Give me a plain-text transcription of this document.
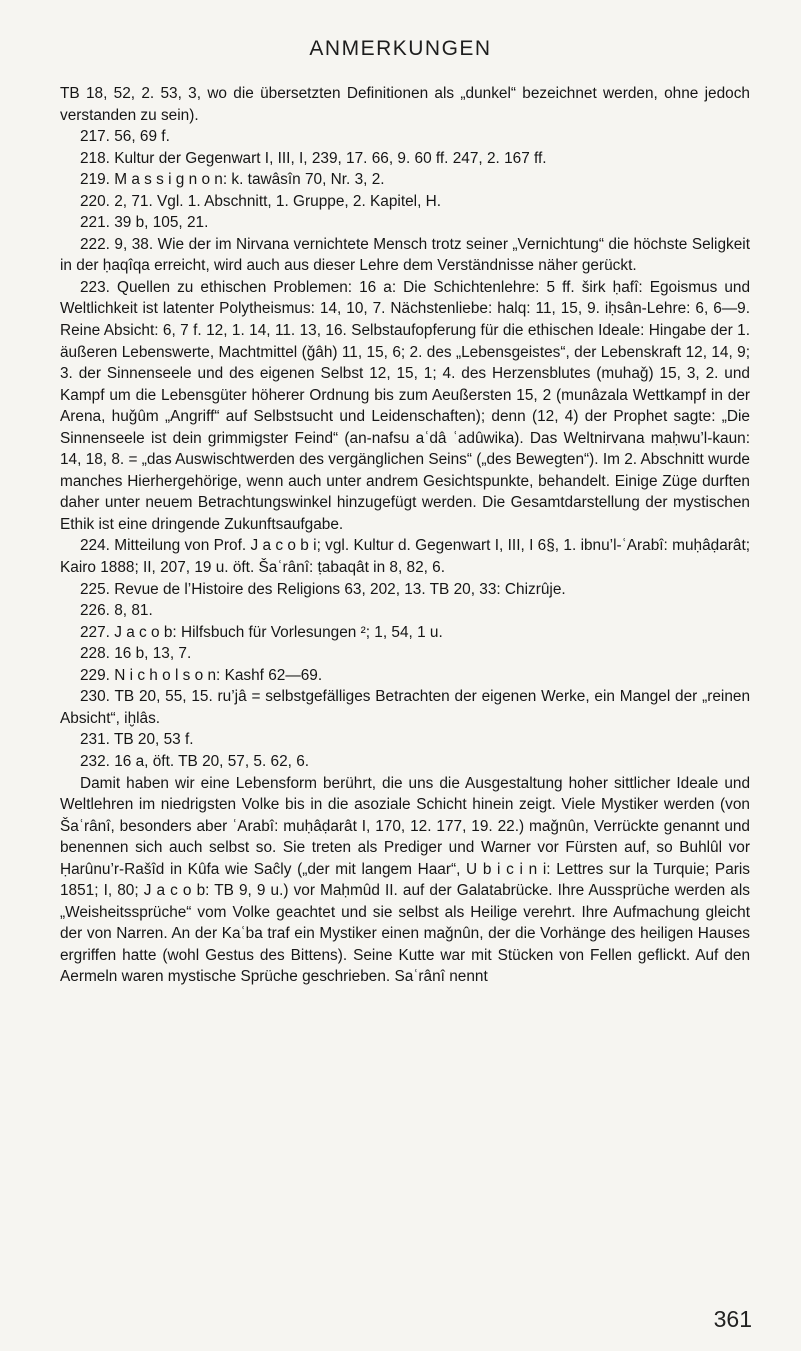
ANMERKUNGEN

TB 18, 52, 2. 53, 3, wo die übersetzten Definitionen als „dunkel“ bezeichnet werden, ohne jedoch verstanden zu sein).

217. 56, 69 f.

218. Kultur der Gegenwart I, III, I, 239, 17. 66, 9. 60 ff. 247, 2. 167 ff.

219. M a s s i g n o n: k. tawâsîn 70, Nr. 3, 2.

220. 2, 71. Vgl. 1. Abschnitt, 1. Gruppe, 2. Kapitel, H.

221. 39 b, 105, 21.

222. 9, 38. Wie der im Nirvana vernichtete Mensch trotz seiner „Vernichtung“ die höchste Seligkeit in der ḥaqîqa erreicht, wird auch aus dieser Lehre dem Verständnisse näher gerückt.

223. Quellen zu ethischen Problemen: 16 a: Die Schichtenlehre: 5 ff. širk ḥafî: Egoismus und Weltlichkeit ist latenter Polytheismus: 14, 10, 7. Nächstenliebe: halq: 11, 15, 9. iḥsân-Lehre: 6, 6—9. Reine Absicht: 6, 7 f. 12, 1. 14, 11. 13, 16. Selbstaufopferung für die ethischen Ideale: Hingabe der 1. äußeren Lebenswerte, Machtmittel (ǧâh) 11, 15, 6; 2. des „Lebensgeistes“, der Lebenskraft 12, 14, 9; 3. der Sinnenseele und des eigenen Selbst 12, 15, 1; 4. des Herzensblutes (muhaǧ) 15, 3, 2. und Kampf um die Lebensgüter höherer Ordnung bis zum Aeußersten 15, 2 (munâzala Wettkampf in der Arena, huǧûm „Angriff“ auf Selbstsucht und Leidenschaften); denn (12, 4) der Prophet sagte: „Die Sinnenseele ist dein grimmigster Feind“ (an-nafsu aʿdâ ʿadûwika). Das Weltnirvana maḥwu’l-kaun: 14, 18, 8. = „das Auswischtwerden des vergänglichen Seins“ („des Bewegten“). Im 2. Abschnitt wurde manches Hierhergehörige, wenn auch unter andrem Gesichtspunkte, behandelt. Einige Züge durften daher unter neuem Betrachtungswinkel hinzugefügt werden. Die Gesamtdarstellung der mystischen Ethik ist eine dringende Zukunftsaufgabe.

224. Mitteilung von Prof. J a c o b i; vgl. Kultur d. Gegenwart I, III, I 6§, 1. ibnu’l-ʿArabî: muḥâḍarât; Kairo 1888; II, 207, 19 u. öft. Šaʿrânî: ṭabaqât in 8, 82, 6.

225. Revue de l’Histoire des Religions 63, 202, 13. TB 20, 33: Chizrûje.

226. 8, 81.

227. J a c o b: Hilfsbuch für Vorlesungen ²; 1, 54, 1 u.

228. 16 b, 13, 7.

229. N i c h o l s o n: Kashf 62—69.

230. TB 20, 55, 15. ru’jâ = selbstgefälliges Betrachten der eigenen Werke, ein Mangel der „reinen Absicht“, iḫlâs.

231. TB 20, 53 f.

232. 16 a, öft. TB 20, 57, 5. 62, 6.

Damit haben wir eine Lebensform berührt, die uns die Ausgestaltung hoher sittlicher Ideale und Weltlehren im niedrigsten Volke bis in die asoziale Schicht hinein zeigt. Viele Mystiker werden (von Šaʿrânî, besonders aber ʿArabî: muḥâḍarât I, 170, 12. 177, 19. 22.) maǧnûn, Verrückte genannt und benennen sich auch selbst so. Sie treten als Prediger und Warner vor Fürsten auf, so Buhlûl vor Ḥarûnu’r-Rašîd in Kûfa wie Saĉly („der mit langem Haar“, U b i c i n i: Lettres sur la Turquie; Paris 1851; I, 80; J a c o b: TB 9, 9 u.) vor Maḥmûd II. auf der Galatabrücke. Ihre Aussprüche werden als „Weisheitssprüche“ vom Volke geachtet und sie selbst als Heilige verehrt. Ihre Aufmachung gleicht der von Narren. An der Kaʿba traf ein Mystiker einen maǧnûn, der die Vorhänge des heiligen Hauses ergriffen hatte (wohl Gestus des Bittens). Seine Kutte war mit Stücken von Fellen geflickt. Auf den Aermeln waren mystische Sprüche geschrieben. Saʿrânî nennt

361
